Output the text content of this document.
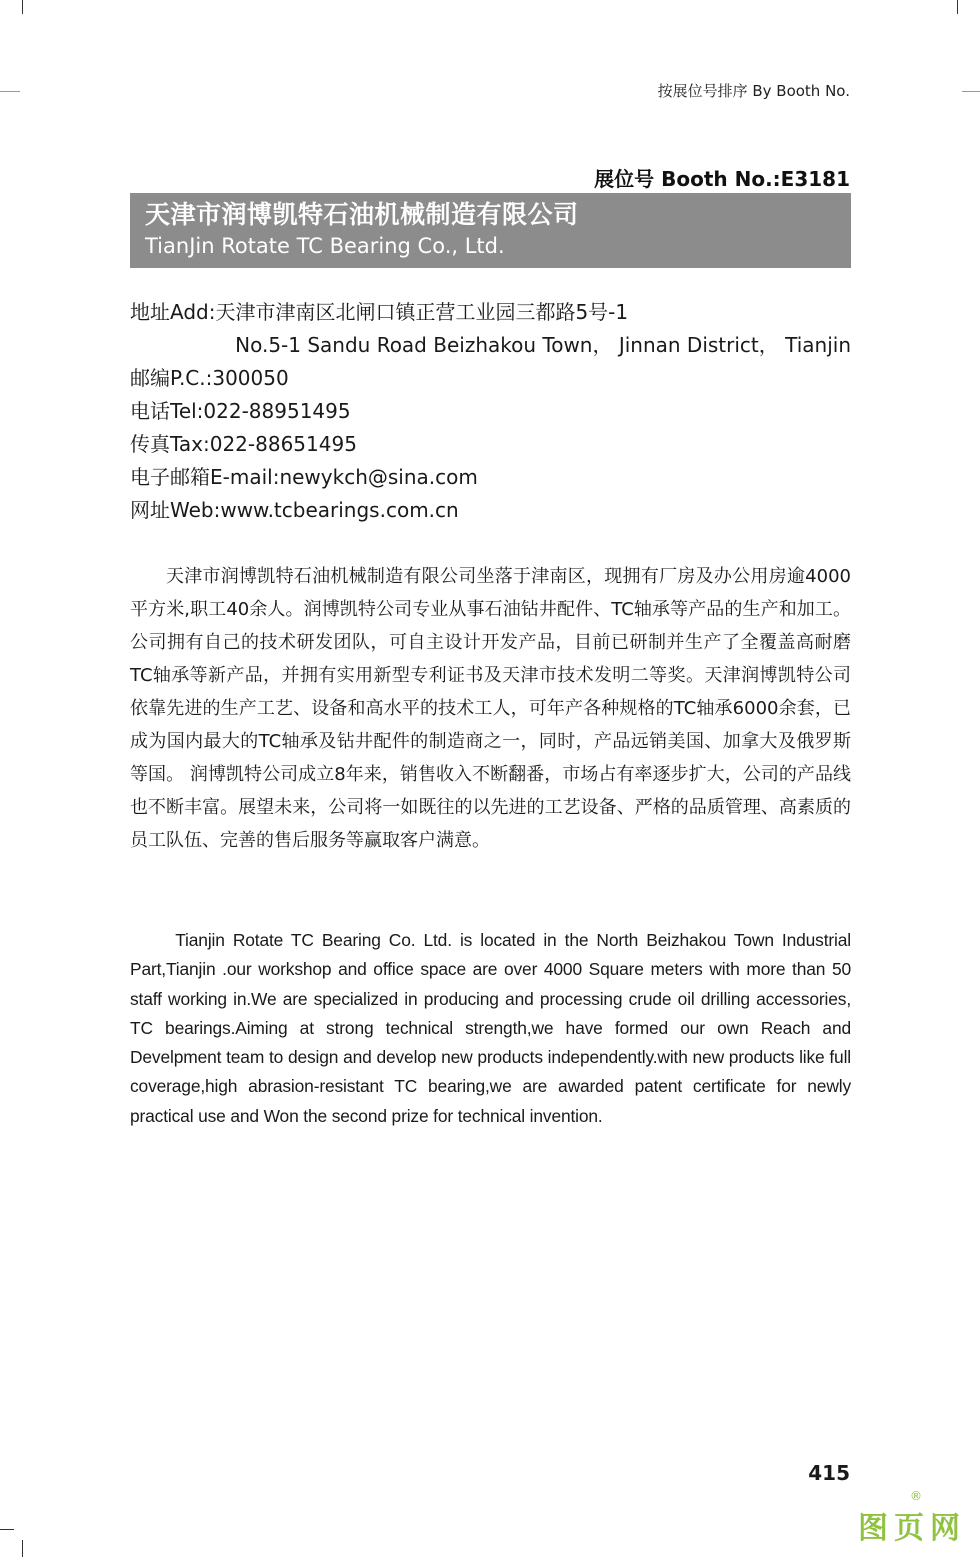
按展位号排序 By Booth No.
展位号 Booth No.:E3181
天津市润博凯特石油机械制造有限公司
TianJin Rotate TC Bearing Co., Ltd.
地址Add:天津市津南区北闸口镇正营工业园三都路5号-1
No.5-1 Sandu Road Beizhakou Town， Jinnan District， Tianjin
邮编P.C.:300050
电话Tel:022-88951495
传真Tax:022-88651495
电子邮箱E-mail:newykch@sina.com
网址Web:www.tcbearings.com.cn

天津市润博凯特石油机械制造有限公司坐落于津南区，现拥有厂房及办公用房逾4000平方米,职工40余人。润博凯特公司专业从事石油钻井配件、TC轴承等产品的生产和加工。公司拥有自己的技术研发团队，可自主设计开发产品，目前已研制并生产了全覆盖高耐磨TC轴承等新产品，并拥有实用新型专利证书及天津市技术发明二等奖。天津润博凯特公司依靠先进的生产工艺、设备和高水平的技术工人，可年产各种规格的TC轴承6000余套，已成为国内最大的TC轴承及钻井配件的制造商之一，同时，产品远销美国、加拿大及俄罗斯等国。 润博凯特公司成立8年来，销售收入不断翻番，市场占有率逐步扩大，公司的产品线也不断丰富。展望未来，公司将一如既往的以先进的工艺设备、严格的品质管理、高素质的员工队伍、完善的售后服务等赢取客户满意。

Tianjin Rotate TC Bearing Co. Ltd. is located in the North Beizhakou Town Industrial Part,Tianjin .our workshop and office space are over 4000 Square meters with more than 50 staff working in.We are specialized in producing and processing crude oil drilling accessories, TC bearings.Aiming at strong technical strength,we have formed our own Reach and Develpment team to design and develop new products independently.with new products like full coverage,high abrasion-resistant TC bearing,we are awarded patent certificate for newly practical use and Won the second prize for technical invention.

415
图页网
®
